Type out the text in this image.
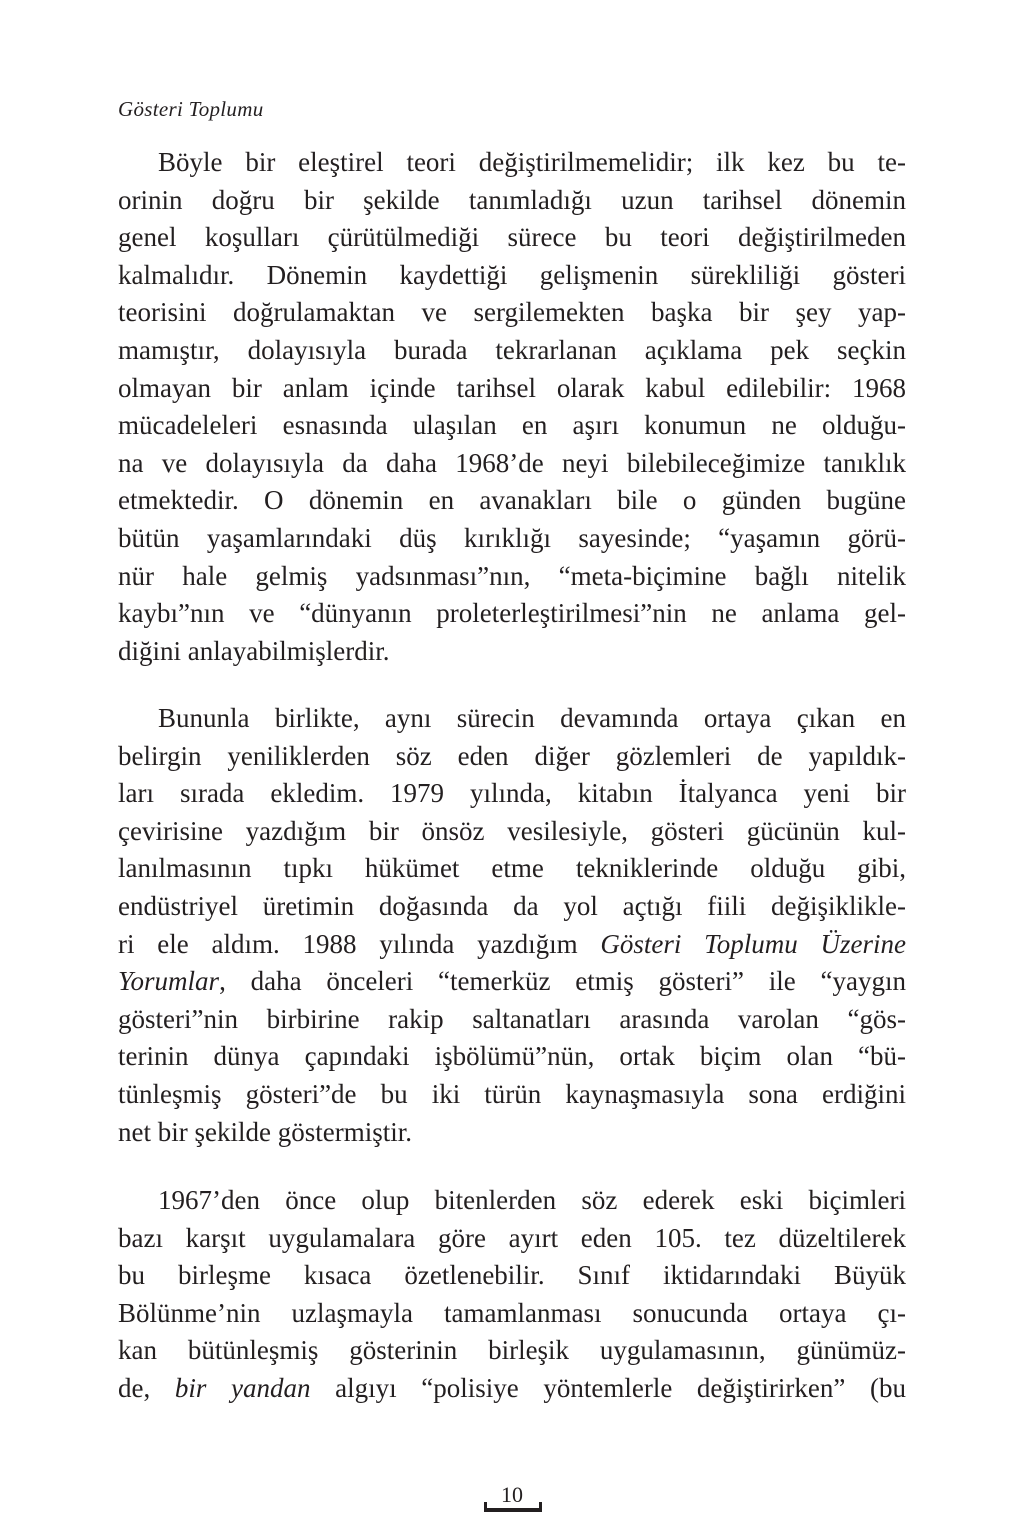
Gösteri Toplumu
Böyle bir eleştirel teori değiştirilmemelidir; ilk kez bu te-
orinin doğru bir şekilde tanımladığı uzun tarihsel dönemin
genel koşulları çürütülmediği sürece bu teori değiştirilmeden
kalmalıdır. Dönemin kaydettiği gelişmenin sürekliliği gösteri
teorisini doğrulamaktan ve sergilemekten başka bir şey yap-
mamıştır, dolayısıyla burada tekrarlanan açıklama pek seçkin
olmayan bir anlam içinde tarihsel olarak kabul edilebilir: 1968
mücadeleleri esnasında ulaşılan en aşırı konumun ne olduğu-
na ve dolayısıyla da daha 1968’de neyi bilebileceğimize tanıklık
etmektedir. O dönemin en avanakları bile o günden bugüne
bütün yaşamlarındaki düş kırıklığı sayesinde; “yaşamın görü-
nür hale gelmiş yadsınması”nın, “meta-biçimine bağlı nitelik
kaybı”nın ve “dünyanın proleterleştirilmesi”nin ne anlama gel-
diğini anlayabilmişlerdir.
Bununla birlikte, aynı sürecin devamında ortaya çıkan en
belirgin yeniliklerden söz eden diğer gözlemleri de yapıldık-
ları sırada ekledim. 1979 yılında, kitabın İtalyanca yeni bir
çevirisine yazdığım bir önsöz vesilesiyle, gösteri gücünün kul-
lanılmasının tıpkı hükümet etme tekniklerinde olduğu gibi,
endüstriyel üretimin doğasında da yol açtığı fiili değişiklikle-
ri ele aldım. 1988 yılında yazdığım Gösteri Toplumu Üzerine
Yorumlar, daha önceleri “temerküz etmiş gösteri” ile “yaygın
gösteri”nin birbirine rakip saltanatları arasında varolan “gös-
terinin dünya çapındaki işbölümü”nün, ortak biçim olan “bü-
tünleşmiş gösteri”de bu iki türün kaynaşmasıyla sona erdiğini
net bir şekilde göstermiştir.
1967’den önce olup bitenlerden söz ederek eski biçimleri
bazı karşıt uygulamalara göre ayırt eden 105. tez düzeltilerek
bu birleşme kısaca özetlenebilir. Sınıf iktidarındaki Büyük
Bölünme’nin uzlaşmayla tamamlanması sonucunda ortaya çı-
kan bütünleşmiş gösterinin birleşik uygulamasının, günümüz-
de, bir yandan algıyı “polisiye yöntemlerle değiştirirken” (bu
10
